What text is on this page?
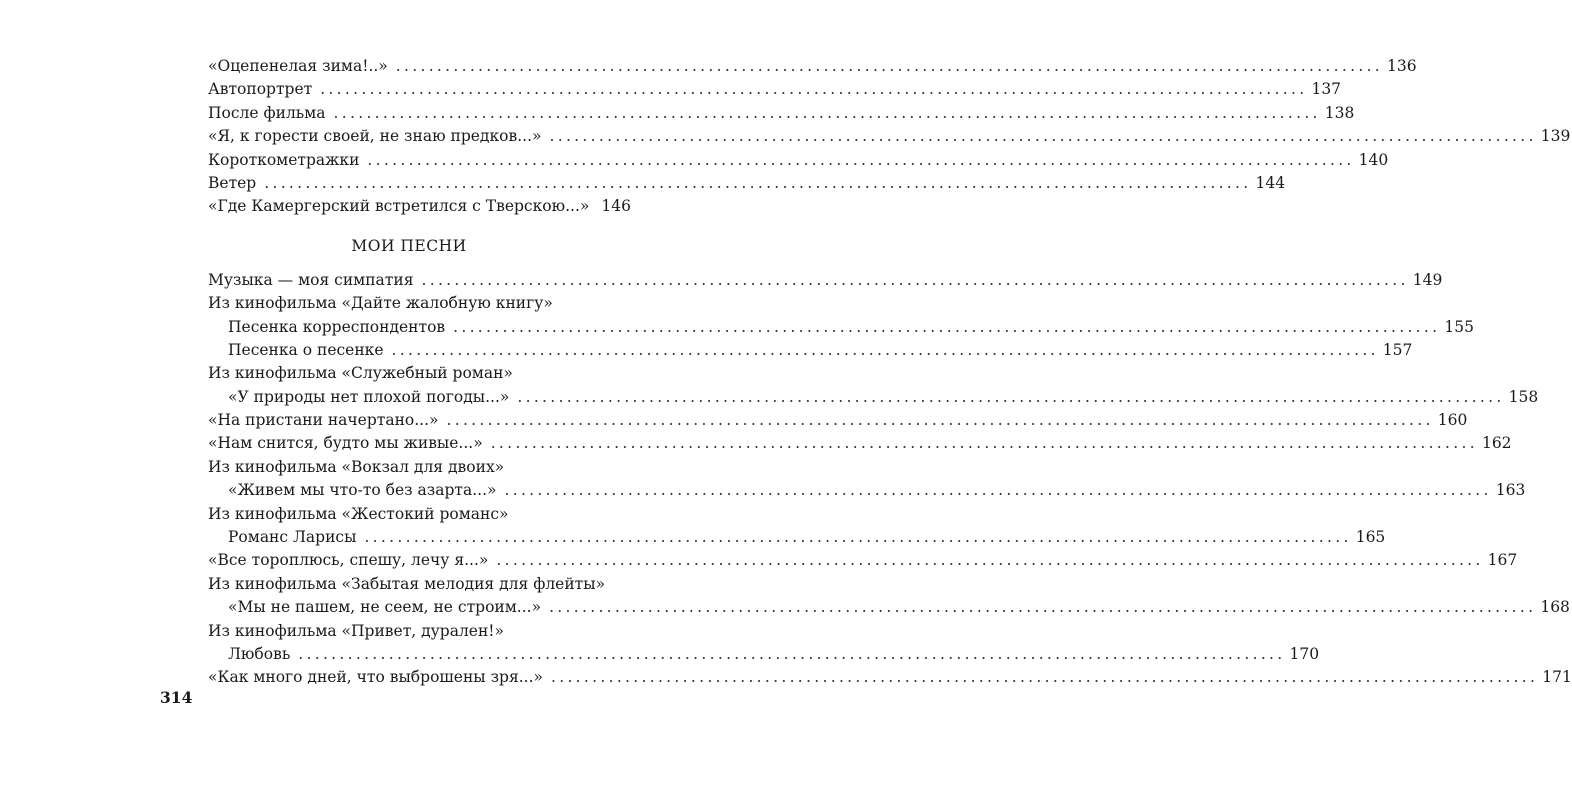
«Оцепенелая зима!..» ........................................................................................................................ 136
Автопортрет ........................................................................................................................ 137
После фильма ........................................................................................................................ 138
«Я, к горести своей, не знаю предков...» ........................................................................................................................ 139
Короткометражки ........................................................................................................................ 140
Ветер ........................................................................................................................ 144
«Где Камергерский встретился с Тверскою...» 146
МОИ ПЕСНИ
Музыка — моя симпатия ........................................................................................................................ 149
Из кинофильма «Дайте жалобную книгу»
Песенка корреспондентов ........................................................................................................................ 155
Песенка о песенке ........................................................................................................................ 157
Из кинофильма «Служебный роман»
«У природы нет плохой погоды...» ........................................................................................................................ 158
«На пристани начертано...» ........................................................................................................................ 160
«Нам снится, будто мы живые...» ........................................................................................................................ 162
Из кинофильма «Вокзал для двоих»
«Живем мы что-то без азарта...» ........................................................................................................................ 163
Из кинофильма «Жестокий романс»
Романс Ларисы ........................................................................................................................ 165
«Все тороплюсь, спешу, лечу я...» ........................................................................................................................ 167
Из кинофильма «Забытая мелодия для флейты»
«Мы не пашем, не сеем, не строим...» ........................................................................................................................ 168
Из кинофильма «Привет, дурален!»
Любовь ........................................................................................................................ 170
«Как много дней, что выброшены зря...» ........................................................................................................................ 171
314
